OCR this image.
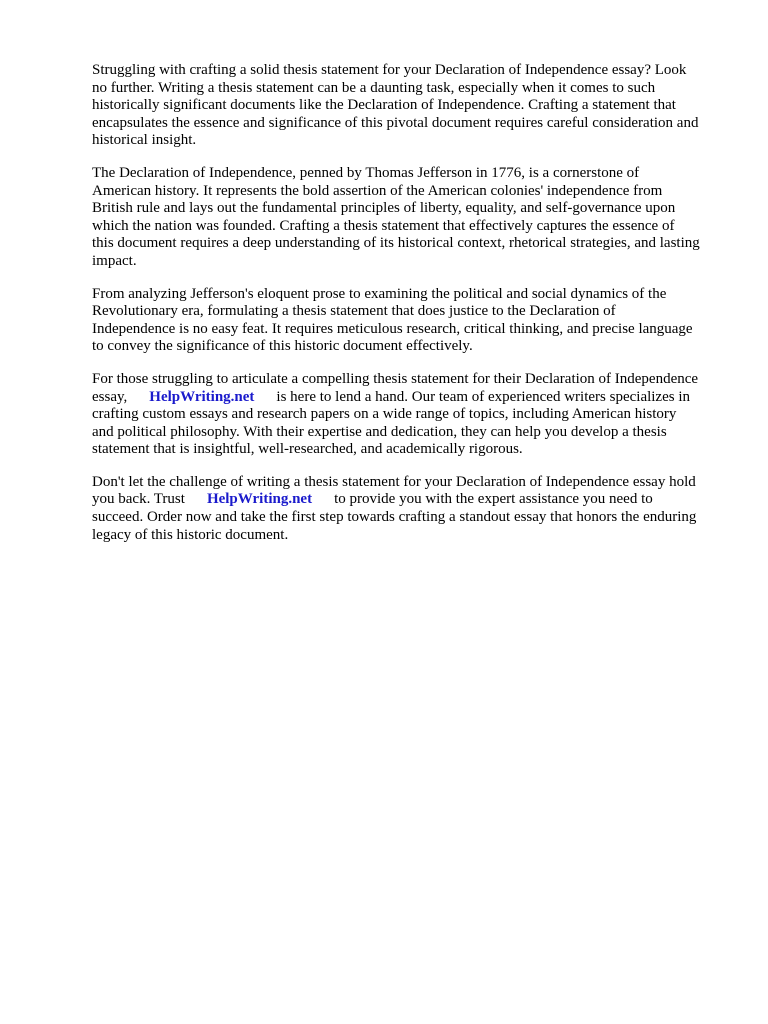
Struggling with crafting a solid thesis statement for your Declaration of Independence essay? Look
no further. Writing a thesis statement can be a daunting task, especially when it comes to such
historically significant documents like the Declaration of Independence. Crafting a statement that
encapsulates the essence and significance of this pivotal document requires careful consideration and
historical insight.

The Declaration of Independence, penned by Thomas Jefferson in 1776, is a cornerstone of
American history. It represents the bold assertion of the American colonies' independence from
British rule and lays out the fundamental principles of liberty, equality, and self-governance upon
which the nation was founded. Crafting a thesis statement that effectively captures the essence of
this document requires a deep understanding of its historical context, rhetorical strategies, and lasting
impact.

From analyzing Jefferson's eloquent prose to examining the political and social dynamics of the
Revolutionary era, formulating a thesis statement that does justice to the Declaration of
Independence is no easy feat. It requires meticulous research, critical thinking, and precise language
to convey the significance of this historic document effectively.

For those struggling to articulate a compelling thesis statement for their Declaration of Independence
essay, HelpWriting.net is here to lend a hand. Our team of experienced writers specializes in
crafting custom essays and research papers on a wide range of topics, including American history
and political philosophy. With their expertise and dedication, they can help you develop a thesis
statement that is insightful, well-researched, and academically rigorous.

Don't let the challenge of writing a thesis statement for your Declaration of Independence essay hold
you back. Trust HelpWriting.net to provide you with the expert assistance you need to
succeed. Order now and take the first step towards crafting a standout essay that honors the enduring
legacy of this historic document.
